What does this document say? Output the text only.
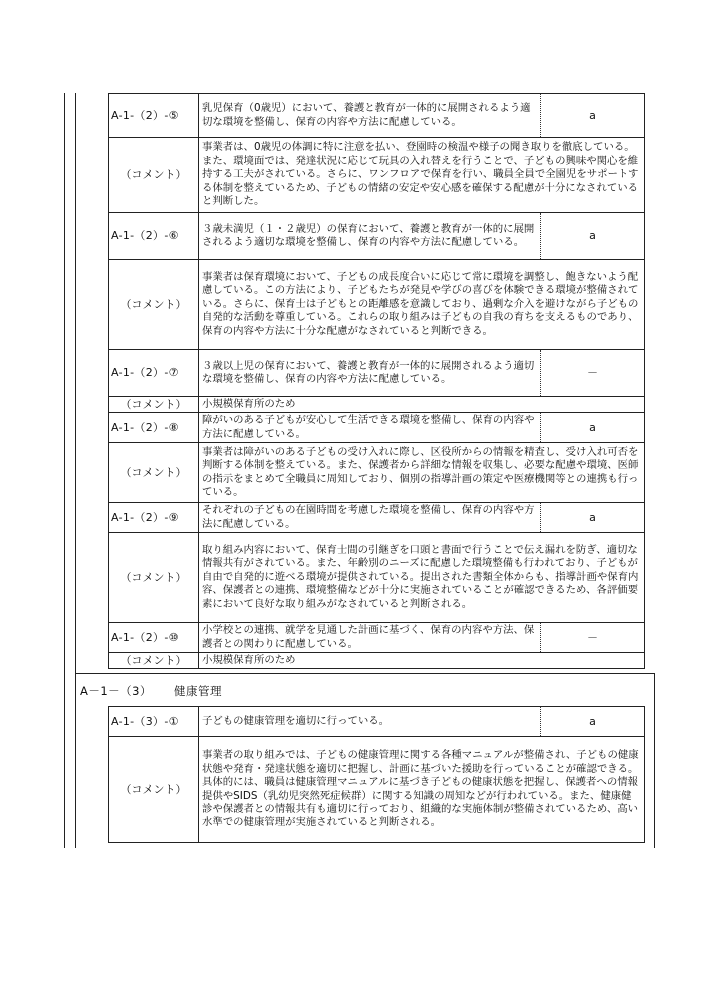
A-1-（2）-⑤	乳児保育（0歳児）において、養護と教育が一体的に展開されるよう適切な環境を整備し、保育の内容や方法に配慮している。	a
（コメント）	事業者は、0歳児の体調に特に注意を払い、登園時の検温や様子の聞き取りを徹底している。また、環境面では、発達状況に応じて玩具の入れ替えを行うことで、子どもの興味や関心を維持する工夫がされている。さらに、ワンフロアで保育を行い、職員全員で全園児をサポートする体制を整えているため、子どもの情緒の安定や安心感を確保する配慮が十分になされていると判断した。	
A-1-（2）-⑥	３歳未満児（１・２歳児）の保育において、養護と教育が一体的に展開されるよう適切な環境を整備し、保育の内容や方法に配慮している。	a
（コメント）	事業者は保育環境において、子どもの成長度合いに応じて常に環境を調整し、飽きないよう配慮している。この方法により、子どもたちが発見や学びの喜びを体験できる環境が整備されている。さらに、保育士は子どもとの距離感を意識しており、過剰な介入を避けながら子どもの自発的な活動を尊重している。これらの取り組みは子どもの自我の育ちを支えるものであり、保育の内容や方法に十分な配慮がなされていると判断できる。	
A-1-（2）-⑦	３歳以上児の保育において、養護と教育が一体的に展開されるよう適切な環境を整備し、保育の内容や方法に配慮している。	－
（コメント）	小規模保育所のため	
A-1-（2）-⑧	障がいのある子どもが安心して生活できる環境を整備し、保育の内容や方法に配慮している。	a
（コメント）	事業者は障がいのある子どもの受け入れに際し、区役所からの情報を精査し、受け入れ可否を判断する体制を整えている。また、保護者から詳細な情報を収集し、必要な配慮や環境、医師の指示をまとめて全職員に周知しており、個別の指導計画の策定や医療機関等との連携も行っている。	
A-1-（2）-⑨	それぞれの子どもの在園時間を考慮した環境を整備し、保育の内容や方法に配慮している。	a
（コメント）	取り組み内容において、保育士間の引継ぎを口頭と書面で行うことで伝え漏れを防ぎ、適切な情報共有がされている。また、年齢別のニーズに配慮した環境整備も行われており、子どもが自由で自発的に遊べる環境が提供されている。提出された書類全体からも、指導計画や保育内容、保護者との連携、環境整備などが十分に実施されていることが確認できるため、各評価要素において良好な取り組みがなされていると判断される。	
A-1-（2）-⑩	小学校との連携、就学を見通した計画に基づく、保育の内容や方法、保護者との関わりに配慮している。	－
（コメント）	小規模保育所のため	
A－1－（3） 健康管理
A-1-（3）-①	子どもの健康管理を適切に行っている。	a
（コメント）	事業者の取り組みでは、子どもの健康管理に関する各種マニュアルが整備され、子どもの健康状態や発育・発達状態を適切に把握し、計画に基づいた援助を行っていることが確認できる。具体的には、職員は健康管理マニュアルに基づき子どもの健康状態を把握し、保護者への情報提供やSIDS（乳幼児突然死症候群）に関する知識の周知などが行われている。また、健康健診や保護者との情報共有も適切に行っており、組織的な実施体制が整備されているため、高い水準での健康管理が実施されていると判断される。	
